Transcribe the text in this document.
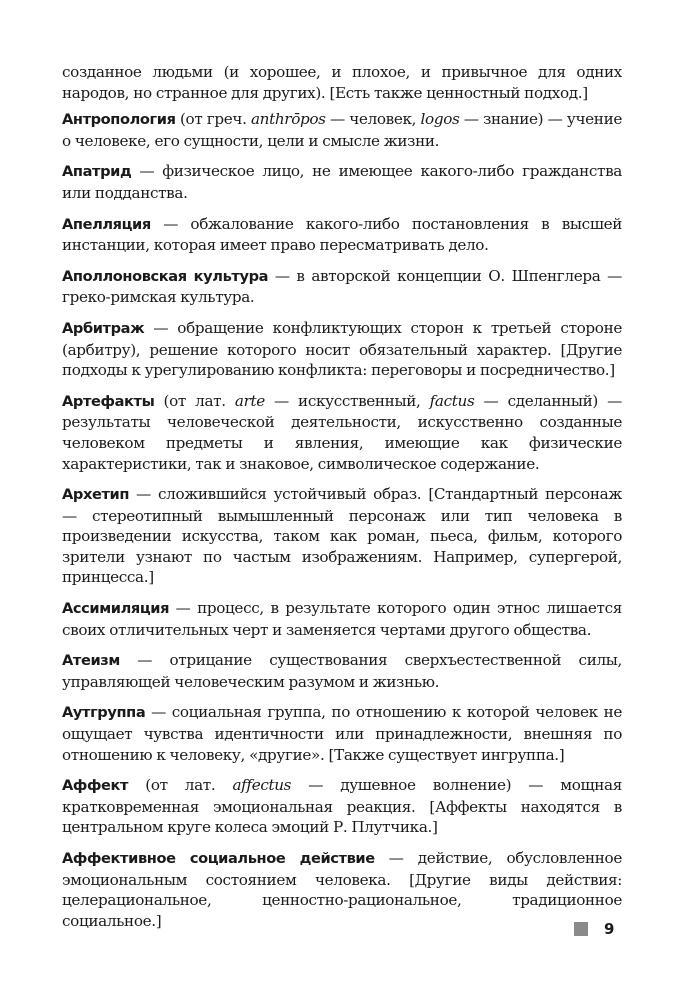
созданное людьми (и хорошее, и плохое, и привычное для одних народов, но странное для других). [Есть также ценностный подход.]

Антропология (от греч. anthrōpos — человек, logos — знание) — учение о человеке, его сущности, цели и смысле жизни.

Апатрид — физическое лицо, не имеющее какого-либо гражданства или подданства.

Апелляция — обжалование какого-либо постановления в высшей инстанции, которая имеет право пересматривать дело.

Аполлоновская культура — в авторской концепции О. Шпенглера — греко-римская культура.

Арбитраж — обращение конфликтующих сторон к третьей стороне (арбитру), решение которого носит обязательный характер. [Другие подходы к урегулированию конфликта: переговоры и посредничество.]

Артефакты (от лат. arte — искусственный, factus — сделанный) — результаты человеческой деятельности, искусственно созданные человеком предметы и явления, имеющие как физические характеристики, так и знаковое, символическое содержание.

Архетип — сложившийся устойчивый образ. [Стандартный персонаж — стереотипный вымышленный персонаж или тип человека в произведении искусства, таком как роман, пьеса, фильм, которого зрители узнают по частым изображениям. Например, супергерой, принцесса.]

Ассимиляция — процесс, в результате которого один этнос лишается своих отличительных черт и заменяется чертами другого общества.

Атеизм — отрицание существования сверхъестественной силы, управляющей человеческим разумом и жизнью.

Аутгруппа — социальная группа, по отношению к которой человек не ощущает чувства идентичности или принадлежности, внешняя по отношению к человеку, «другие». [Также существует ингруппа.]

Аффект (от лат. affectus — душевное волнение) — мощная кратковременная эмоциональная реакция. [Аффекты находятся в центральном круге колеса эмоций Р. Плутчика.]

Аффективное социальное действие — действие, обусловленное эмоциональным состоянием человека. [Другие виды действия: целерациональное, ценностно-рациональное, традиционное социальное.]	9
